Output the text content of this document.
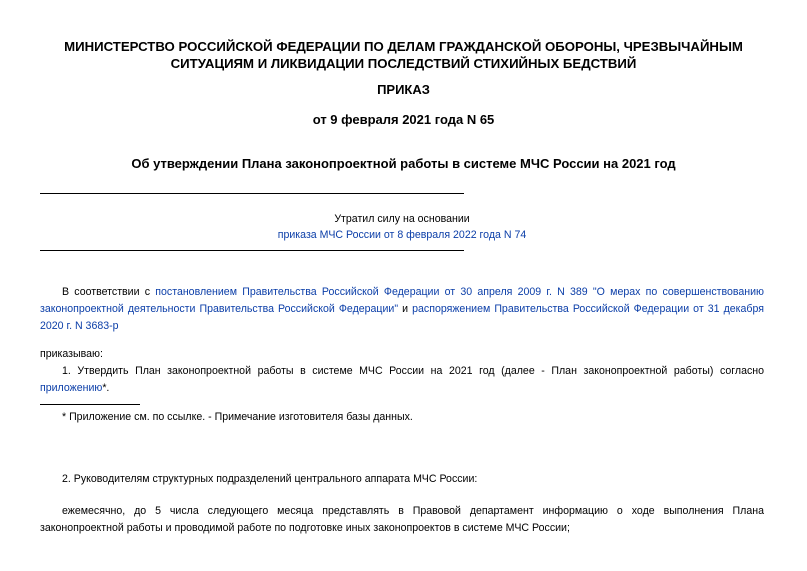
МИНИСТЕРСТВО РОССИЙСКОЙ ФЕДЕРАЦИИ ПО ДЕЛАМ ГРАЖДАНСКОЙ ОБОРОНЫ, ЧРЕЗВЫЧАЙНЫМ СИТУАЦИЯМ И ЛИКВИДАЦИИ ПОСЛЕДСТВИЙ СТИХИЙНЫХ БЕДСТВИЙ
ПРИКАЗ
от 9 февраля 2021 года N 65
Об утверждении Плана законопроектной работы в системе МЧС России на 2021 год
Утратил силу на основании
приказа МЧС России от 8 февраля 2022 года N 74

В соответствии с постановлением Правительства Российской Федерации от 30 апреля 2009 г. N 389 "О мерах по совершенствованию законопроектной деятельности Правительства Российской Федерации" и распоряжением Правительства Российской Федерации от 31 декабря 2020 г. N 3683-р

приказываю:

1. Утвердить План законопроектной работы в системе МЧС России на 2021 год (далее - План законопроектной работы) согласно приложению*.

* Приложение см. по ссылке. - Примечание изготовителя базы данных.

2. Руководителям структурных подразделений центрального аппарата МЧС России:

ежемесячно, до 5 числа следующего месяца представлять в Правовой департамент информацию о ходе выполнения Плана законопроектной работы и проводимой работе по подготовке иных законопроектов в системе МЧС России;
